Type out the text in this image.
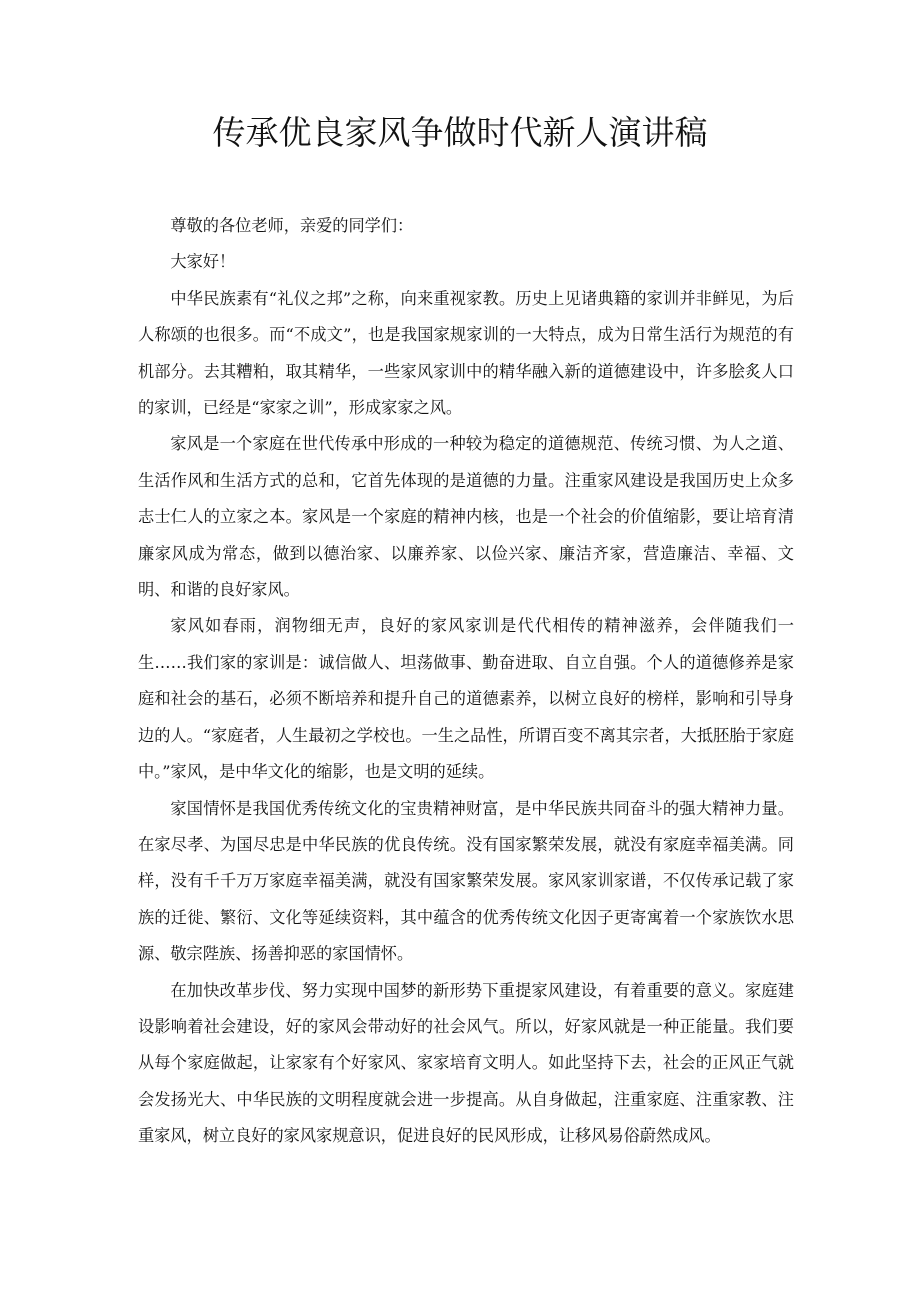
传承优良家风争做时代新人演讲稿

尊敬的各位老师，亲爱的同学们：

大家好！

中华民族素有“礼仪之邦”之称，向来重视家教。历史上见诸典籍的家训并非鲜见，为后人称颂的也很多。而“不成文”，也是我国家规家训的一大特点，成为日常生活行为规范的有机部分。去其糟粕，取其精华，一些家风家训中的精华融入新的道德建设中，许多脍炙人口的家训，已经是“家家之训”，形成家家之风。

家风是一个家庭在世代传承中形成的一种较为稳定的道德规范、传统习惯、为人之道、生活作风和生活方式的总和，它首先体现的是道德的力量。注重家风建设是我国历史上众多志士仁人的立家之本。家风是一个家庭的精神内核，也是一个社会的价值缩影，要让培育清廉家风成为常态，做到以德治家、以廉养家、以俭兴家、廉洁齐家，营造廉洁、幸福、文明、和谐的良好家风。

家风如春雨，润物细无声，良好的家风家训是代代相传的精神滋养，会伴随我们一生……我们家的家训是：诚信做人、坦荡做事、勤奋进取、自立自强。个人的道德修养是家庭和社会的基石，必须不断培养和提升自己的道德素养，以树立良好的榜样，影响和引导身边的人。“家庭者，人生最初之学校也。一生之品性，所谓百变不离其宗者，大抵胚胎于家庭中。”家风，是中华文化的缩影，也是文明的延续。

家国情怀是我国优秀传统文化的宝贵精神财富，是中华民族共同奋斗的强大精神力量。在家尽孝、为国尽忠是中华民族的优良传统。没有国家繁荣发展，就没有家庭幸福美满。同样，没有千千万万家庭幸福美满，就没有国家繁荣发展。家风家训家谱，不仅传承记载了家族的迁徙、繁衍、文化等延续资料，其中蕴含的优秀传统文化因子更寄寓着一个家族饮水思源、敬宗陛族、扬善抑恶的家国情怀。

在加快改革步伐、努力实现中国梦的新形势下重提家风建设，有着重要的意义。家庭建设影响着社会建设，好的家风会带动好的社会风气。所以，好家风就是一种正能量。我们要从每个家庭做起，让家家有个好家风、家家培育文明人。如此坚持下去，社会的正风正气就会发扬光大、中华民族的文明程度就会进一步提高。从自身做起，注重家庭、注重家教、注重家风，树立良好的家风家规意识，促进良好的民风形成，让移风易俗蔚然成风。
